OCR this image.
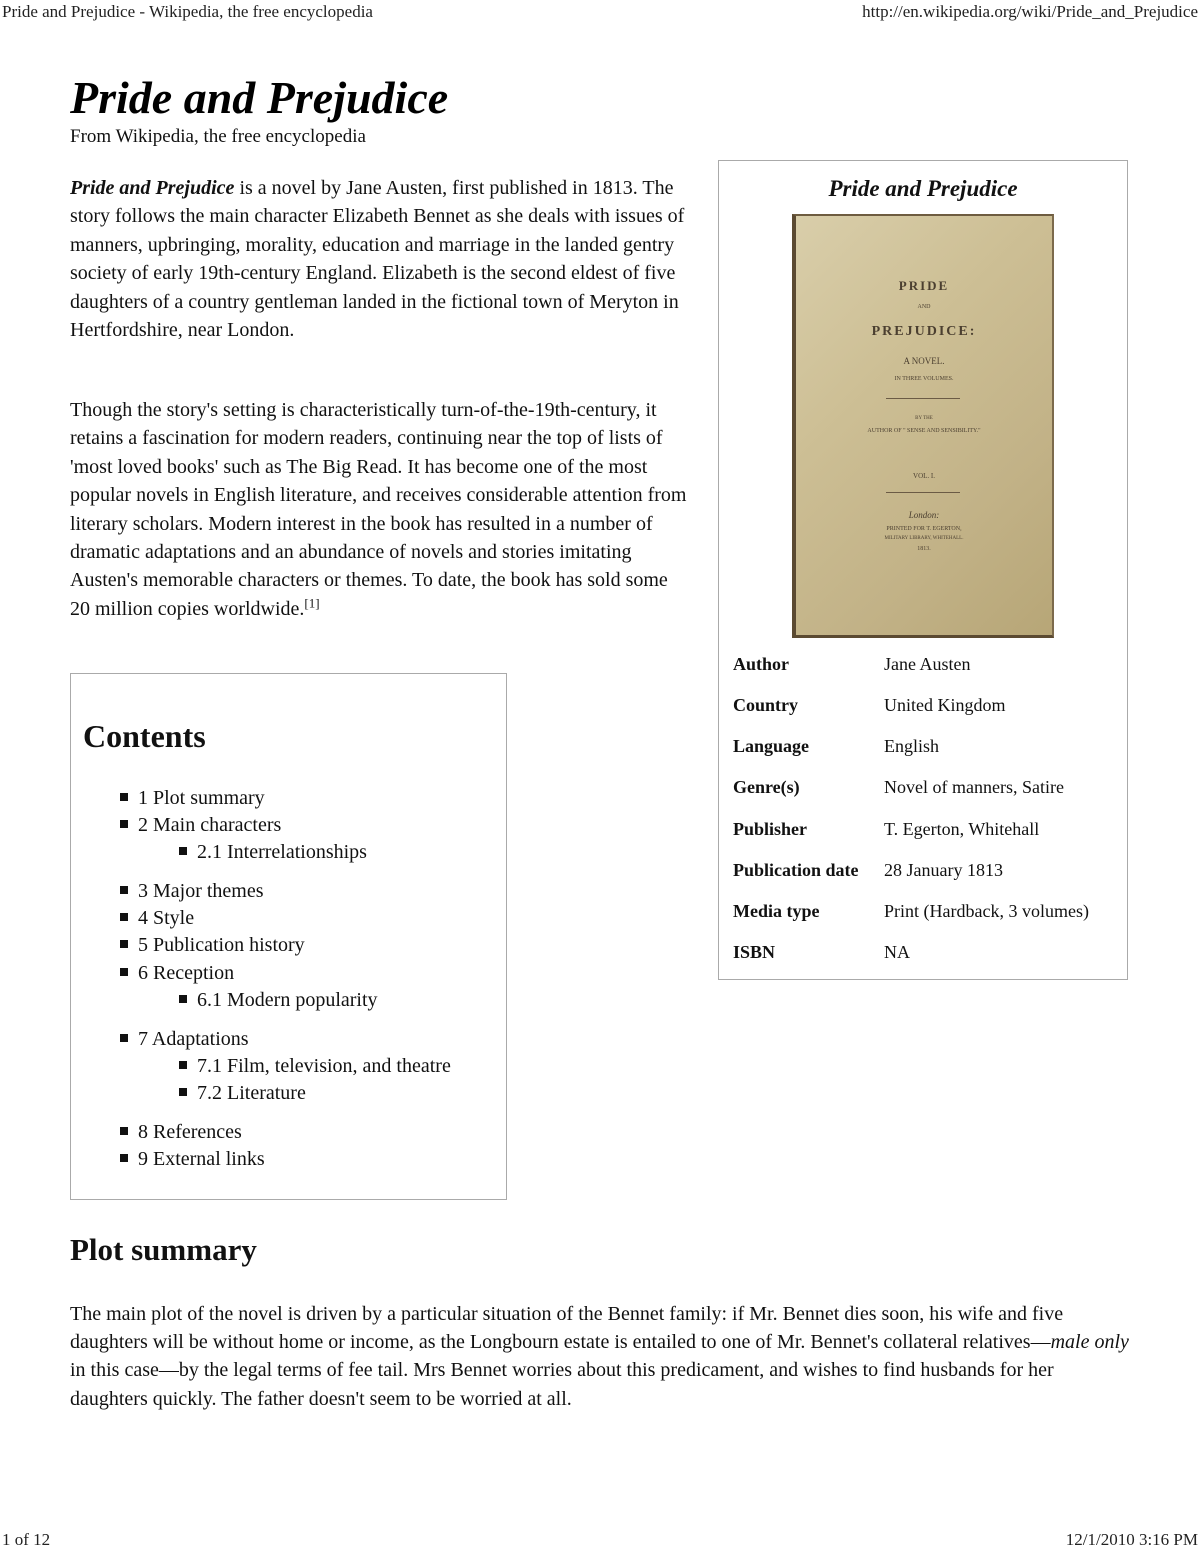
Pride and Prejudice - Wikipedia, the free encyclopedia	http://en.wikipedia.org/wiki/Pride_and_Prejudice
Pride and Prejudice
From Wikipedia, the free encyclopedia

Pride and Prejudice is a novel by Jane Austen, first published in 1813. The story follows the main character Elizabeth Bennet as she deals with issues of manners, upbringing, morality, education and marriage in the landed gentry society of early 19th-century England. Elizabeth is the second eldest of five daughters of a country gentleman landed in the fictional town of Meryton in Hertfordshire, near London.

Though the story's setting is characteristically turn-of-the-19th-century, it retains a fascination for modern readers, continuing near the top of lists of 'most loved books' such as The Big Read. It has become one of the most popular novels in English literature, and receives considerable attention from literary scholars. Modern interest in the book has resulted in a number of dramatic adaptations and an abundance of novels and stories imitating Austen's memorable characters or themes. To date, the book has sold some 20 million copies worldwide.[1]

Pride and Prejudice
PRIDE
AND
PREJUDICE:
A NOVEL.
IN THREE VOLUMES.
BY THE
AUTHOR OF " SENSE AND SENSIBILITY."
VOL. I.
London:
PRINTED FOR T. EGERTON,
MILITARY LIBRARY, WHITEHALL.
1813.
Author	Jane Austen
Country	United Kingdom
Language	English
Genre(s)	Novel of manners, Satire
Publisher	T. Egerton, Whitehall
Publication date 28 January 1813
Media type	Print (Hardback, 3 volumes)
ISBN	NA
Contents
1 Plot summary
2 Main characters
2.1 Interrelationships
3 Major themes
4 Style
5 Publication history
6 Reception
6.1 Modern popularity
7 Adaptations
7.1 Film, television, and theatre
7.2 Literature
8 References
9 External links
Plot summary

The main plot of the novel is driven by a particular situation of the Bennet family: if Mr. Bennet dies soon, his wife and five daughters will be without home or income, as the Longbourn estate is entailed to one of Mr. Bennet's collateral relatives—male only in this case—by the legal terms of fee tail. Mrs Bennet worries about this predicament, and wishes to find husbands for her daughters quickly. The father doesn't seem to be worried at all.

1 of 12	12/1/2010 3:16 PM
